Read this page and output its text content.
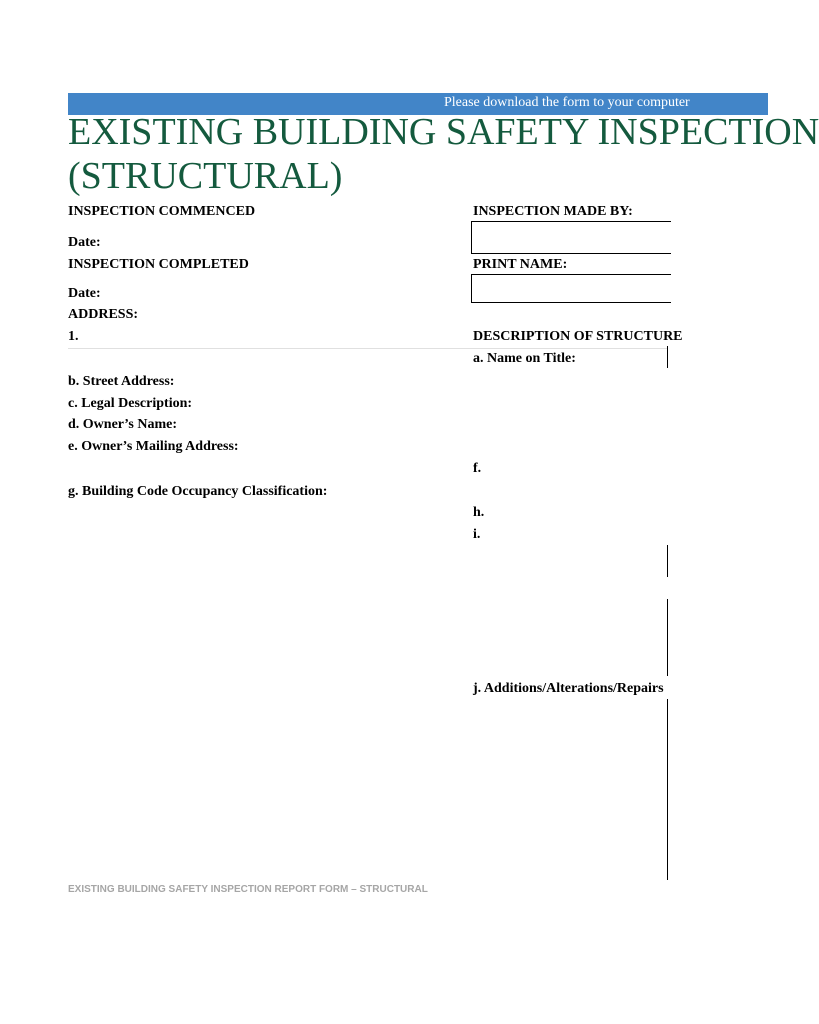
Please download the form to your computer
EXISTING BUILDING SAFETY INSPECTION
(STRUCTURAL)
INSPECTION COMMENCED
Date:
INSPECTION COMPLETED
Date:
ADDRESS:
1.
b. Street Address:
c. Legal Description:
d. Owner’s Name:
e. Owner’s Mailing Address:
g. Building Code Occupancy Classification:
INSPECTION MADE BY:
PRINT NAME:
DESCRIPTION OF STRUCTURE
a. Name on Title:
f.
h.
i.
j. Additions/Alterations/Repairs
EXISTING BUILDING SAFETY INSPECTION REPORT FORM – STRUCTURAL
